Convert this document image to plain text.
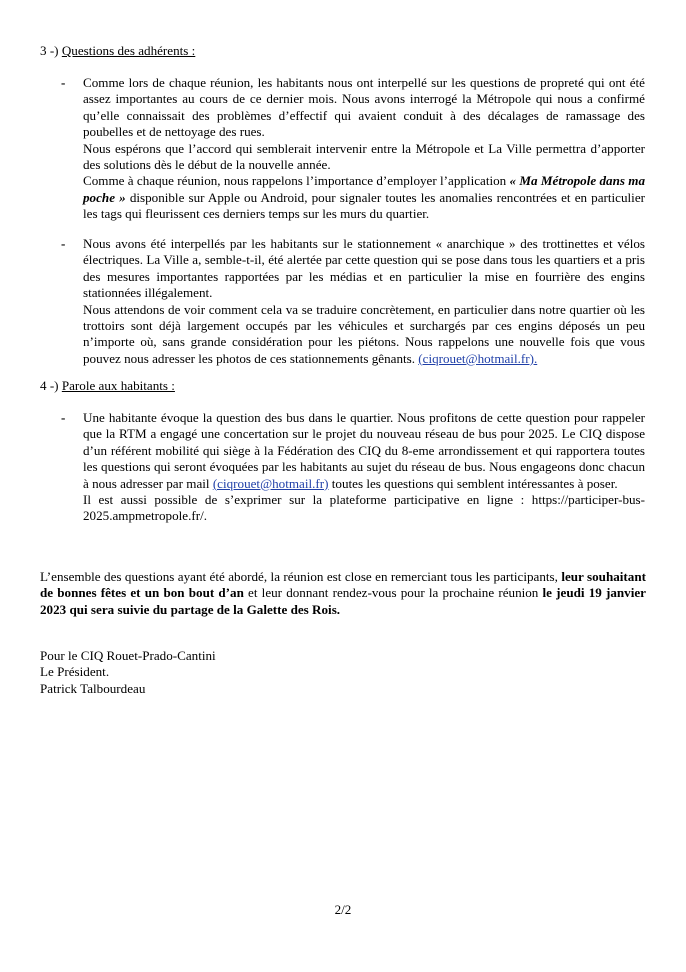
3 -) Questions des adhérents :
- Comme lors de chaque réunion, les habitants nous ont interpellé sur les questions de propreté qui ont été assez importantes au cours de ce dernier mois. Nous avons interrogé la Métropole qui nous a confirmé qu’elle connaissait des problèmes d’effectif qui avaient conduit à des décalages de ramassage des poubelles et de nettoyage des rues.

Nous espérons que l’accord qui semblerait intervenir entre la Métropole et La Ville permettra d’apporter des solutions dès le début de la nouvelle année.

Comme à chaque réunion, nous rappelons l’importance d’employer l’application « Ma Métropole dans ma poche » disponible sur Apple ou Android, pour signaler toutes les anomalies rencontrées et en particulier les tags qui fleurissent ces derniers temps sur les murs du quartier.

- Nous avons été interpellés par les habitants sur le stationnement « anarchique » des trottinettes et vélos électriques. La Ville a, semble-t-il, été alertée par cette question qui se pose dans tous les quartiers et a pris des mesures importantes rapportées par les médias et en particulier la mise en fourrière des engins stationnées illégalement.

Nous attendons de voir comment cela va se traduire concrètement, en particulier dans notre quartier où les trottoirs sont déjà largement occupés par les véhicules et surchargés par ces engins déposés un peu n’importe où, sans grande considération pour les piétons. Nous rappelons une nouvelle fois que vous pouvez nous adresser les photos de ces stationnements gênants. (ciqrouet@hotmail.fr).

4 -) Parole aux habitants :
- Une habitante évoque la question des bus dans le quartier. Nous profitons de cette question pour rappeler que la RTM a engagé une concertation sur le projet du nouveau réseau de bus pour 2025. Le CIQ dispose d’un référent mobilité qui siège à la Fédération des CIQ du 8-eme arrondissement et qui rapportera toutes les questions qui seront évoquées par les habitants au sujet du réseau de bus. Nous engageons donc chacun à nous adresser par mail (ciqrouet@hotmail.fr) toutes les questions qui semblent intéressantes à poser.

Il est aussi possible de s’exprimer sur la plateforme participative en ligne : https://participer-bus-2025.ampmetropole.fr/.

L’ensemble des questions ayant été abordé, la réunion est close en remerciant tous les participants, leur souhaitant de bonnes fêtes et un bon bout d’an et leur donnant rendez-vous pour la prochaine réunion le jeudi 19 janvier 2023 qui sera suivie du partage de la Galette des Rois.

Pour le CIQ Rouet-Prado-Cantini
Le Président.
Patrick Talbourdeau
2/2
